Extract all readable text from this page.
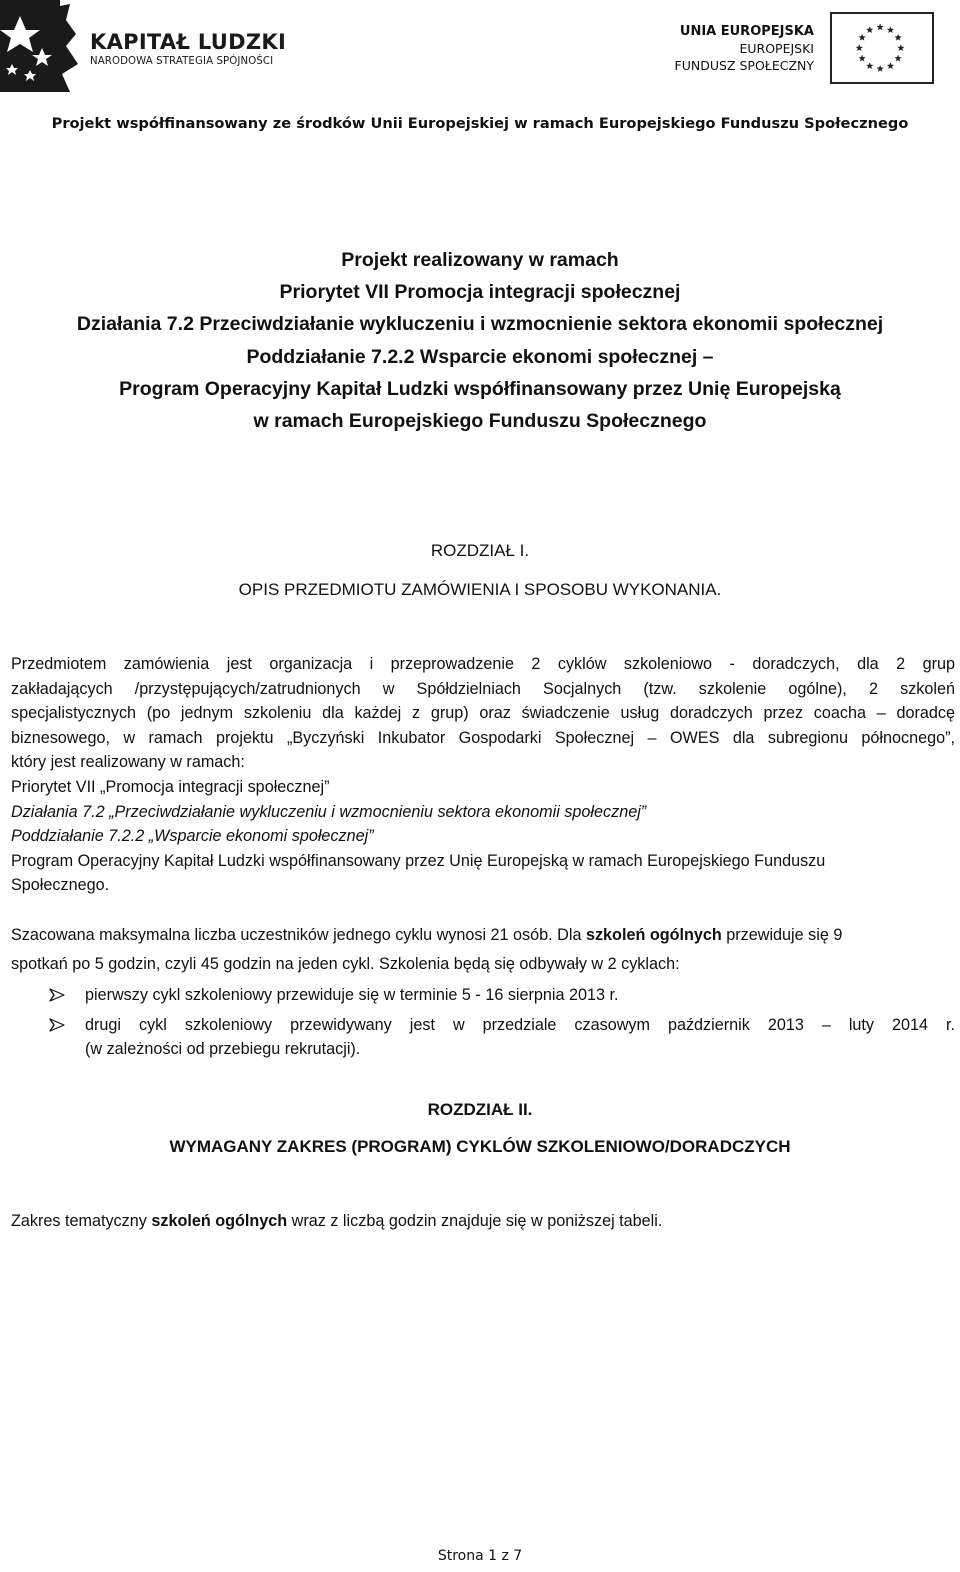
KAPITAŁ LUDZKI
NARODOWA STRATEGIA SPÓJNOŚCI
UNIA EUROPEJSKA
EUROPEJSKI
FUNDUSZ SPOŁECZNY
Projekt współfinansowany ze środków Unii Europejskiej w ramach Europejskiego Funduszu Społecznego
Projekt realizowany w ramach
Priorytet VII Promocja integracji społecznej
Działania 7.2 Przeciwdziałanie wykluczeniu i wzmocnienie sektora ekonomii społecznej
Poddziałanie 7.2.2 Wsparcie ekonomi społecznej –
Program Operacyjny Kapitał Ludzki współfinansowany przez Unię Europejską
w ramach Europejskiego Funduszu Społecznego
ROZDZIAŁ I.
OPIS PRZEDMIOTU ZAMÓWIENIA I SPOSOBU WYKONANIA.
Przedmiotem zamówienia jest organizacja i przeprowadzenie 2 cyklów szkoleniowo - doradczych, dla 2 grup
zakładających /przystępujących/zatrudnionych w Spółdzielniach Socjalnych (tzw. szkolenie ogólne), 2 szkoleń
specjalistycznych (po jednym szkoleniu dla każdej z grup) oraz świadczenie usług doradczych przez coacha – doradcę
biznesowego, w ramach projektu „Byczyński Inkubator Gospodarki Społecznej – OWES dla subregionu północnego”,
który jest realizowany w ramach:
Priorytet VII „Promocja integracji społecznej”
Działania 7.2 „Przeciwdziałanie wykluczeniu i wzmocnieniu sektora ekonomii społecznej”
Poddziałanie 7.2.2 „Wsparcie ekonomi społecznej”
Program Operacyjny Kapitał Ludzki współfinansowany przez Unię Europejską w ramach Europejskiego Funduszu
Społecznego.
Szacowana maksymalna liczba uczestników jednego cyklu wynosi 21 osób. Dla szkoleń ogólnych przewiduje się 9
spotkań po 5 godzin, czyli 45 godzin na jeden cykl. Szkolenia będą się odbywały w 2 cyklach:
pierwszy cykl szkoleniowy przewiduje się w terminie 5 - 16 sierpnia 2013 r.
drugi cykl szkoleniowy przewidywany jest w przedziale czasowym październik 2013 – luty 2014 r.
(w zależności od przebiegu rekrutacji).
ROZDZIAŁ II.
WYMAGANY ZAKRES (PROGRAM) CYKLÓW SZKOLENIOWO/DORADCZYCH
Zakres tematyczny szkoleń ogólnych wraz z liczbą godzin znajduje się w poniższej tabeli.
Strona 1 z 7
